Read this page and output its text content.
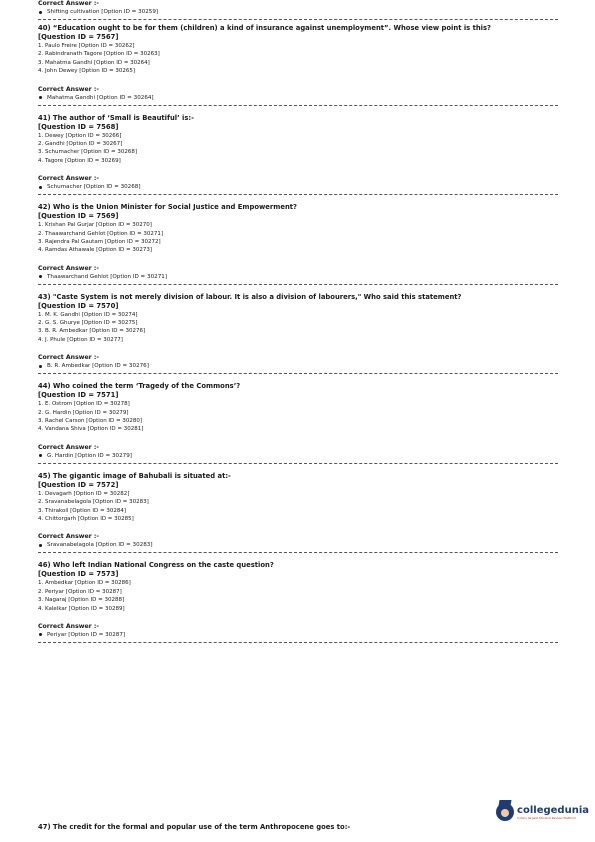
Correct Answer :-
Shifting cultivation [Option ID = 30259]
40) “Education ought to be for them (children) a kind of insurance against unemployment”. Whose view point is this?
[Question ID = 7567]
1. Paulo Freire [Option ID = 30262]
2. Rabindranath Tagore [Option ID = 30263]
3. Mahatma Gandhi [Option ID = 30264]
4. John Dewey [Option ID = 30265]
Correct Answer :-
Mahatma Gandhi [Option ID = 30264]
41) The author of ‘Small is Beautiful’ is:-
[Question ID = 7568]
1. Dewey [Option ID = 30266]
2. Gandhi [Option ID = 30267]
3. Schumacher [Option ID = 30268]
4. Tagore [Option ID = 30269]
Correct Answer :-
Schumacher [Option ID = 30268]
42) Who is the Union Minister for Social Justice and Empowerment?
[Question ID = 7569]
1. Krishan Pal Gurjar [Option ID = 30270]
2. Thaawarchand Gehlot [Option ID = 30271]
3. Rajendra Pal Gautam [Option ID = 30272]
4. Ramdas Athawale [Option ID = 30273]
Correct Answer :-
Thaawarchand Gehlot [Option ID = 30271]
43) "Caste System is not merely division of labour. It is also a division of labourers," Who said this statement?
[Question ID = 7570]
1. M. K. Gandhi [Option ID = 30274]
2. G. S. Ghurye [Option ID = 30275]
3. B. R. Ambedkar [Option ID = 30276]
4. J. Phule [Option ID = 30277]
Correct Answer :-
B. R. Ambedkar [Option ID = 30276]
44) Who coined the term ‘Tragedy of the Commons’?
[Question ID = 7571]
1. E. Ostrom [Option ID = 30278]
2. G. Hardin [Option ID = 30279]
3. Rachel Carson [Option ID = 30280]
4. Vandana Shiva [Option ID = 30281]
Correct Answer :-
G. Hardin [Option ID = 30279]
45) The gigantic image of Bahubali is situated at:-
[Question ID = 7572]
1. Devagarh [Option ID = 30282]
2. Sravanabelagola [Option ID = 30283]
3. Thirakoil [Option ID = 30284]
4. Chittorgarh [Option ID = 30285]
Correct Answer :-
Sravanabelagola [Option ID = 30283]
46) Who left Indian National Congress on the caste question?
[Question ID = 7573]
1. Ambedkar [Option ID = 30286]
2. Periyar [Option ID = 30287]
3. Nagaraj [Option ID = 30288]
4. Kalelkar [Option ID = 30289]
Correct Answer :-
Periyar [Option ID = 30287]
collegedunia
India's largest Student Review Platform
47) The credit for the formal and popular use of the term Anthropocene goes to:-
